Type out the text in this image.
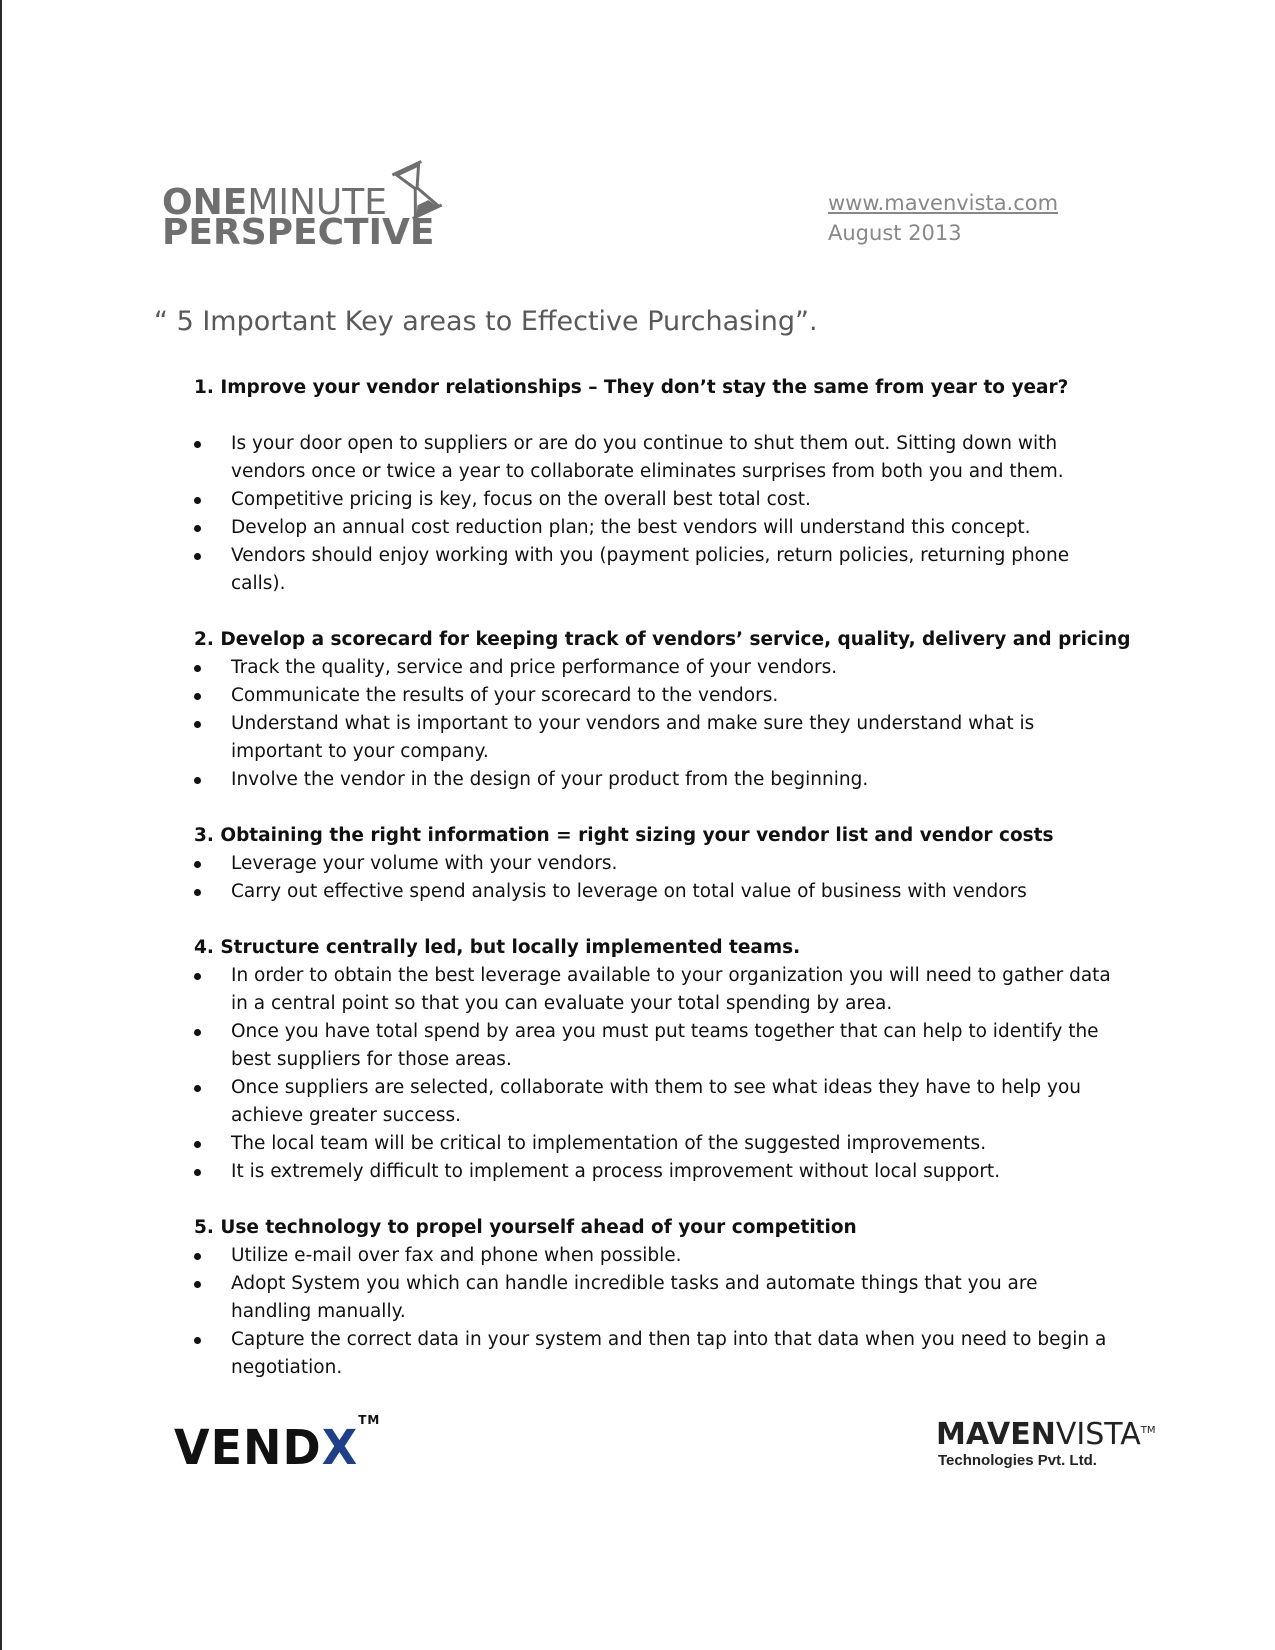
ONEMINUTE
PERSPECTIVE
www.mavenvista.com
August 2013
“ 5 Important Key areas to Effective Purchasing”.
1. Improve your vendor relationships – They don’t stay the same from year to year?
Is your door open to suppliers or are do you continue to shut them out. Sitting down with vendors once or twice a year to collaborate eliminates surprises from both you and them.
Competitive pricing is key, focus on the overall best total cost.
Develop an annual cost reduction plan; the best vendors will understand this concept.
Vendors should enjoy working with you (payment policies, return policies, returning phone calls).
2. Develop a scorecard for keeping track of vendors’ service, quality, delivery and pricing
Track the quality, service and price performance of your vendors.
Communicate the results of your scorecard to the vendors.
Understand what is important to your vendors and make sure they understand what is important to your company.
Involve the vendor in the design of your product from the beginning.
3. Obtaining the right information = right sizing your vendor list and vendor costs
Leverage your volume with your vendors.
Carry out effective spend analysis to leverage on total value of business with vendors
4. Structure centrally led, but locally implemented teams.
In order to obtain the best leverage available to your organization you will need to gather data in a central point so that you can evaluate your total spending by area.
Once you have total spend by area you must put teams together that can help to identify the best suppliers for those areas.
Once suppliers are selected, collaborate with them to see what ideas they have to help you achieve greater success.
The local team will be critical to implementation of the suggested improvements.
It is extremely difficult to implement a process improvement without local support.
5. Use technology to propel yourself ahead of your competition
Utilize e-mail over fax and phone when possible.
Adopt System you which can handle incredible tasks and automate things that you are handling manually.
Capture the correct data in your system and then tap into that data when you need to begin a negotiation.
VENDX™	MAVENVISTA™
Technologies Pvt. Ltd.
